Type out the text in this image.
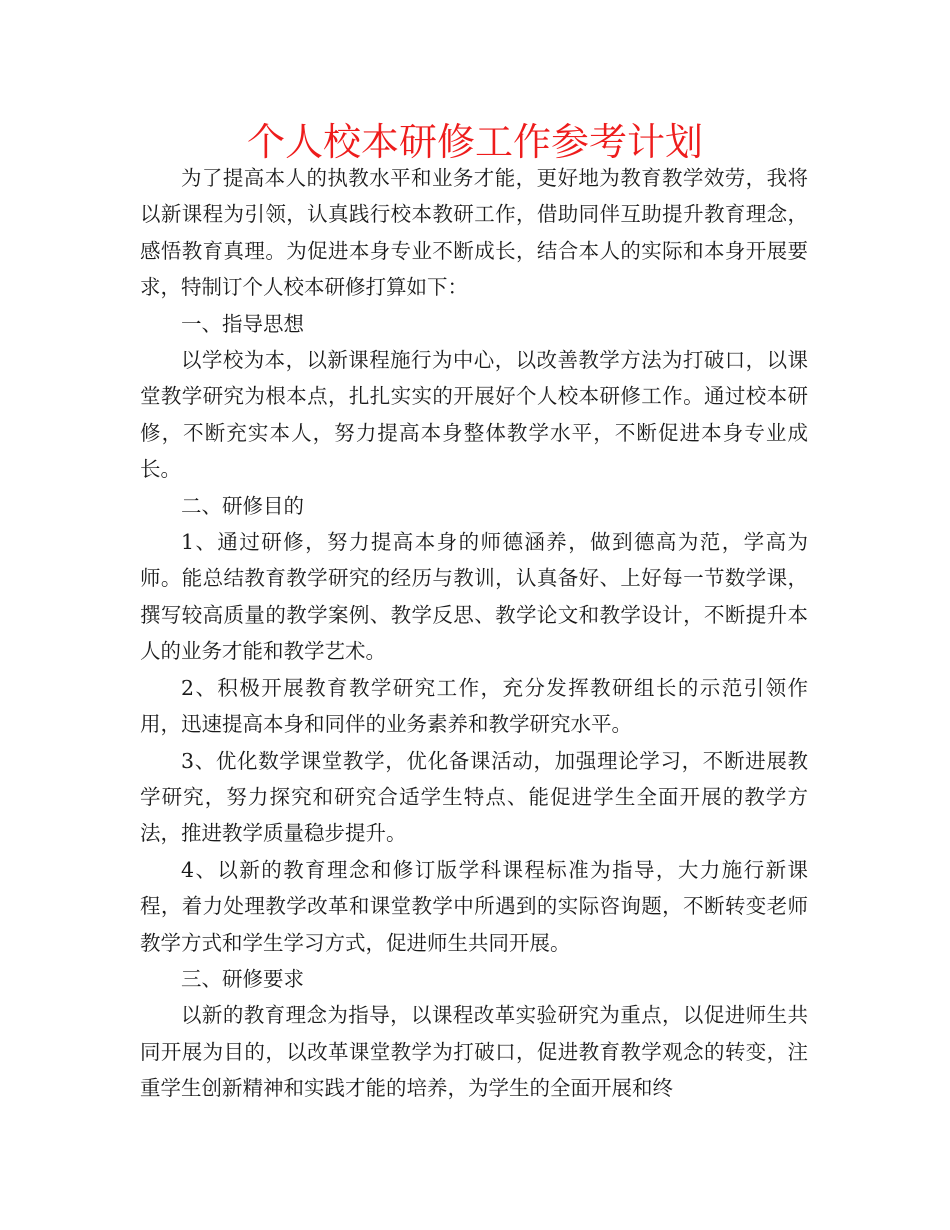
个人校本研修工作参考计划

为了提高本人的执教水平和业务才能，更好地为教育教学效劳，我将以新课程为引领，认真践行校本教研工作，借助同伴互助提升教育理念，感悟教育真理。为促进本身专业不断成长，结合本人的实际和本身开展要求，特制订个人校本研修打算如下：

一、指导思想

以学校为本，以新课程施行为中心，以改善教学方法为打破口，以课堂教学研究为根本点，扎扎实实的开展好个人校本研修工作。通过校本研修，不断充实本人，努力提高本身整体教学水平，不断促进本身专业成长。

二、研修目的

1、通过研修，努力提高本身的师德涵养，做到德高为范，学高为师。能总结教育教学研究的经历与教训，认真备好、上好每一节数学课，撰写较高质量的教学案例、教学反思、教学论文和教学设计，不断提升本人的业务才能和教学艺术。

2、积极开展教育教学研究工作，充分发挥教研组长的示范引领作用，迅速提高本身和同伴的业务素养和教学研究水平。

3、优化数学课堂教学，优化备课活动，加强理论学习，不断进展教学研究，努力探究和研究合适学生特点、能促进学生全面开展的教学方法，推进教学质量稳步提升。

4、以新的教育理念和修订版学科课程标准为指导，大力施行新课程，着力处理教学改革和课堂教学中所遇到的实际咨询题，不断转变老师教学方式和学生学习方式，促进师生共同开展。

三、研修要求

以新的教育理念为指导，以课程改革实验研究为重点，以促进师生共同开展为目的，以改革课堂教学为打破口，促进教育教学观念的转变，注重学生创新精神和实践才能的培养，为学生的全面开展和终
